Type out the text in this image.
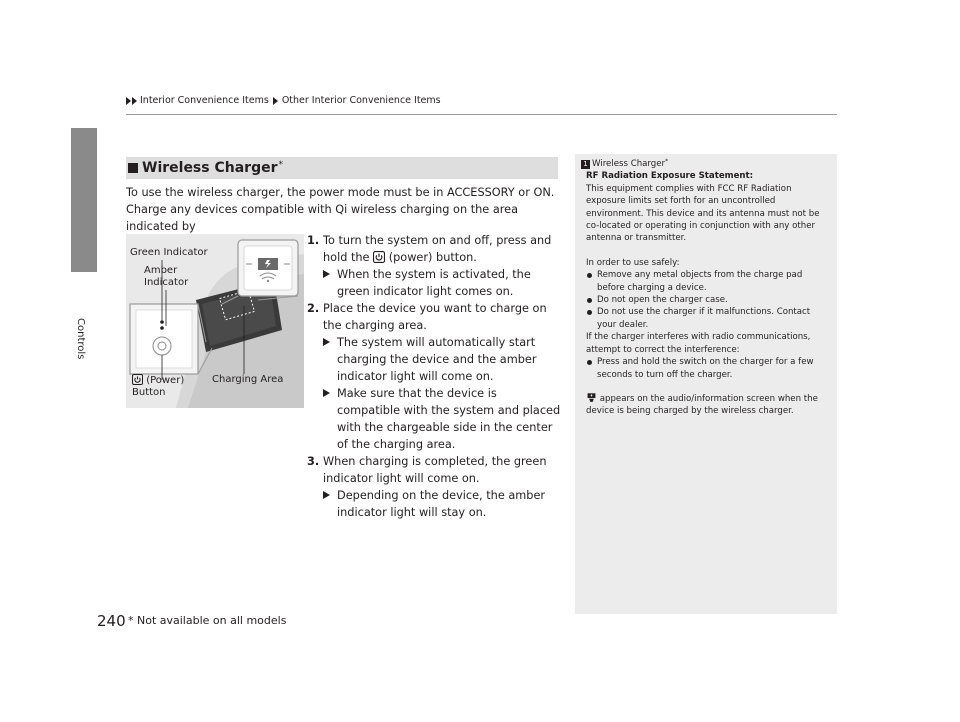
Interior Convenience Items Other Interior Convenience Items
Controls
Wireless Charger*
To use the wireless charger, the power mode must be in ACCESSORY or ON.
Charge any devices compatible with Qi wireless charging on the area indicated by
Green Indicator
Amber
Indicator
(Power)
Button
Charging Area
1. To turn the system on and off, press and
hold the (power) button.
When the system is activated, the green indicator light comes on.
2. Place the device you want to charge on the charging area.
The system will automatically start charging the device and the amber indicator light will come on.
Make sure that the device is compatible with the system and placed with the chargeable side in the center of the charging area.
3. When charging is completed, the green indicator light will come on.
Depending on the device, the amber indicator light will stay on.
1 Wireless Charger*

RF Radiation Exposure Statement:

This equipment complies with FCC RF Radiation exposure limits set forth for an uncontrolled environment. This device and its antenna must not be co-located or operating in conjunction with any other antenna or transmitter.

In order to use safely:

Remove any metal objects from the charge pad before charging a device.

Do not open the charger case.

Do not use the charger if it malfunctions. Contact your dealer.

If the charger interferes with radio communications, attempt to correct the interference:

Press and hold the switch on the charger for a few seconds to turn off the charger.

appears on the audio/information screen when the device is being charged by the wireless charger.

240 * Not available on all models
